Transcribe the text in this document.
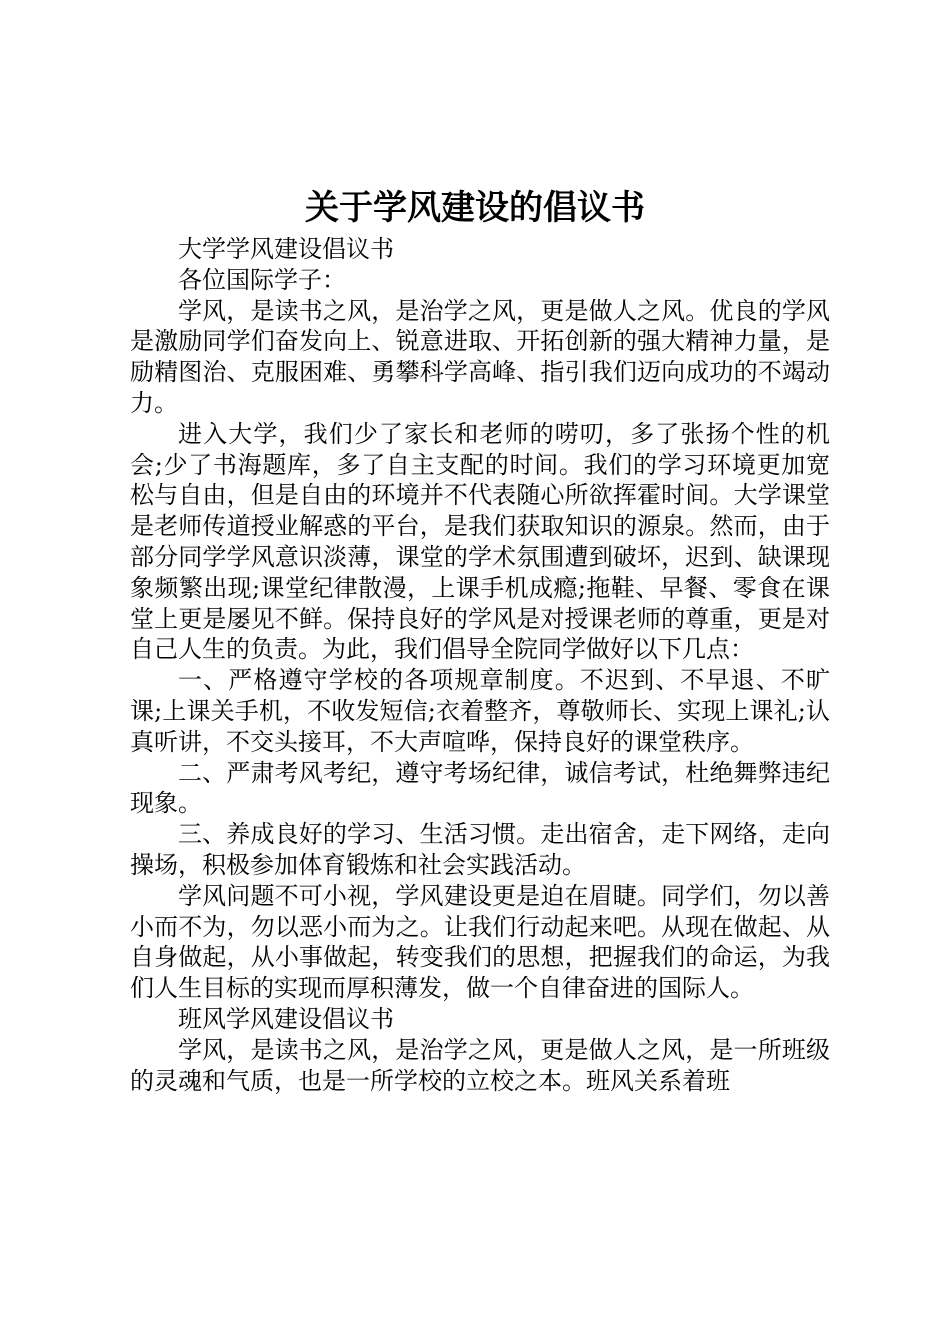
关于学风建设的倡议书

大学学风建设倡议书

各位国际学子：

学风，是读书之风，是治学之风，更是做人之风。优良的学风是激励同学们奋发向上、锐意进取、开拓创新的强大精神力量，是励精图治、克服困难、勇攀科学高峰、指引我们迈向成功的不竭动力。

进入大学，我们少了家长和老师的唠叨，多了张扬个性的机会;少了书海题库，多了自主支配的时间。我们的学习环境更加宽松与自由，但是自由的环境并不代表随心所欲挥霍时间。大学课堂是老师传道授业解惑的平台，是我们获取知识的源泉。然而，由于部分同学学风意识淡薄，课堂的学术氛围遭到破坏，迟到、缺课现象频繁出现;课堂纪律散漫，上课手机成瘾;拖鞋、早餐、零食在课堂上更是屡见不鲜。保持良好的学风是对授课老师的尊重，更是对自己人生的负责。为此，我们倡导全院同学做好以下几点：

一、严格遵守学校的各项规章制度。不迟到、不早退、不旷课;上课关手机，不收发短信;衣着整齐，尊敬师长、实现上课礼;认真听讲，不交头接耳，不大声喧哗，保持良好的课堂秩序。

二、严肃考风考纪，遵守考场纪律，诚信考试，杜绝舞弊违纪现象。

三、养成良好的学习、生活习惯。走出宿舍，走下网络，走向操场，积极参加体育锻炼和社会实践活动。

学风问题不可小视，学风建设更是迫在眉睫。同学们，勿以善小而不为，勿以恶小而为之。让我们行动起来吧。从现在做起、从自身做起，从小事做起，转变我们的思想，把握我们的命运，为我们人生目标的实现而厚积薄发，做一个自律奋进的国际人。

班风学风建设倡议书

学风，是读书之风，是治学之风，更是做人之风，是一所班级的灵魂和气质，也是一所学校的立校之本。班风关系着班
